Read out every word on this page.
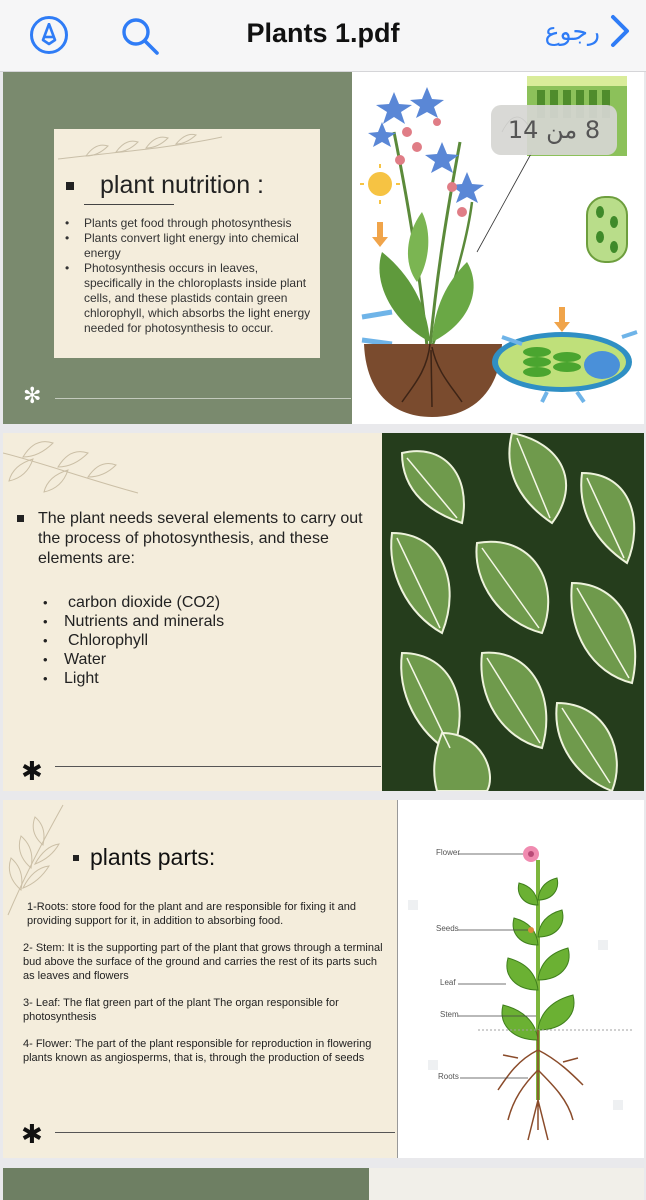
Plants 1.pdf	رجوع
plant nutrition :
• Plants get food through photosynthesis
• Plants convert light energy into chemical energy
• Photosynthesis occurs in leaves, specifically in the chloroplasts inside plant cells, and these plastids contain green chlorophyll, which absorbs the light energy needed for photosynthesis to occur.
✻
8 من 14
The plant needs several elements to carry out the process of photosynthesis, and these elements are:
• carbon dioxide (CO2)
• Nutrients and minerals
• Chlorophyll
• Water
• Light
✱
plants parts:

1-Roots: store food for the plant and are responsible for fixing it and providing support for it, in addition to absorbing food.

2- Stem: It is the supporting part of the plant that grows through a terminal bud above the surface of the ground and carries the rest of its parts such as leaves and flowers

3- Leaf: The flat green part of the plant The organ responsible for photosynthesis

4- Flower: The part of the plant responsible for reproduction in flowering plants known as angiosperms, that is, through the production of seeds

✱
Flower
Seeds
Leaf
Stem
Roots
